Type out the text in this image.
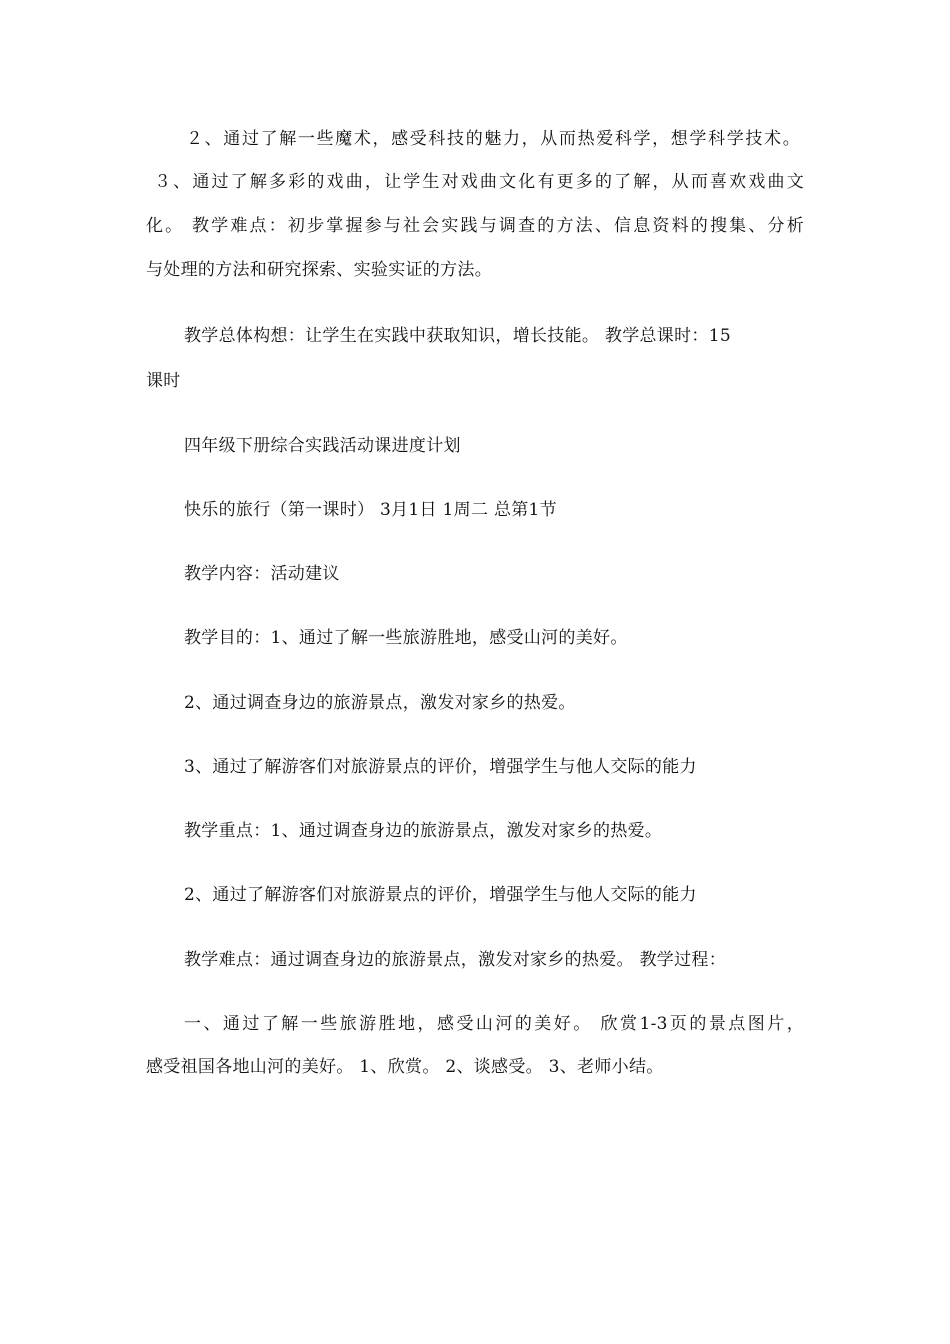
２、通过了解一些魔术，感受科技的魅力，从而热爱科学，想学科学技术。
３、通过了解多彩的戏曲，让学生对戏曲文化有更多的了解，从而喜欢戏曲文
化。 教学难点：初步掌握参与社会实践与调查的方法、信息资料的搜集、分析
与处理的方法和研究探索、实验实证的方法。
教学总体构想：让学生在实践中获取知识，增长技能。 教学总课时：15
课时
四年级下册综合实践活动课进度计划
快乐的旅行（第一课时） 3月1日 1周二 总第1节
教学内容：活动建议
教学目的：1、通过了解一些旅游胜地，感受山河的美好。
2、通过调查身边的旅游景点，激发对家乡的热爱。
3、通过了解游客们对旅游景点的评价，增强学生与他人交际的能力
教学重点：1、通过调查身边的旅游景点，激发对家乡的热爱。
2、通过了解游客们对旅游景点的评价，增强学生与他人交际的能力
教学难点：通过调查身边的旅游景点，激发对家乡的热爱。 教学过程：
一、通过了解一些旅游胜地，感受山河的美好。 欣赏1-3页的景点图片，
感受祖国各地山河的美好。 1、欣赏。 2、谈感受。 3、老师小结。
